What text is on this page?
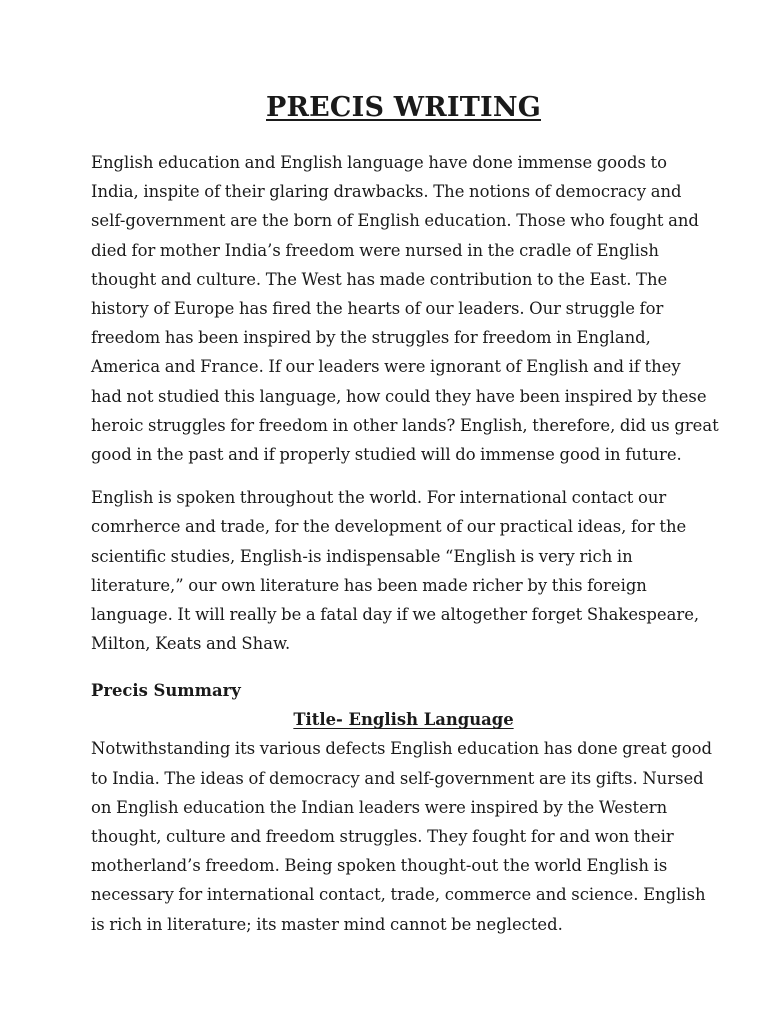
PRECIS WRITING

English education and English language have done immense goods to
India, inspite of their glaring drawbacks. The notions of democracy and
self-government are the born of English education. Those who fought and
died for mother India’s freedom were nursed in the cradle of English
thought and culture. The West has made contribution to the East. The
history of Europe has fired the hearts of our leaders. Our struggle for
freedom has been inspired by the struggles for freedom in England,
America and France. If our leaders were ignorant of English and if they
had not studied this language, how could they have been inspired by these
heroic struggles for freedom in other lands? English, therefore, did us great
good in the past and if properly studied will do immense good in future.

English is spoken throughout the world. For international contact our
comrherce and trade, for the development of our practical ideas, for the
scientific studies, English-is indispensable “English is very rich in
literature,” our own literature has been made richer by this foreign
language. It will really be a fatal day if we altogether forget Shakespeare,
Milton, Keats and Shaw.

Precis Summary
Title- English Language

Notwithstanding its various defects English education has done great good
to India. The ideas of democracy and self-government are its gifts. Nursed
on English education the Indian leaders were inspired by the Western
thought, culture and freedom struggles. They fought for and won their
motherland’s freedom. Being spoken thought-out the world English is
necessary for international contact, trade, commerce and science. English
is rich in literature; its master mind cannot be neglected.
